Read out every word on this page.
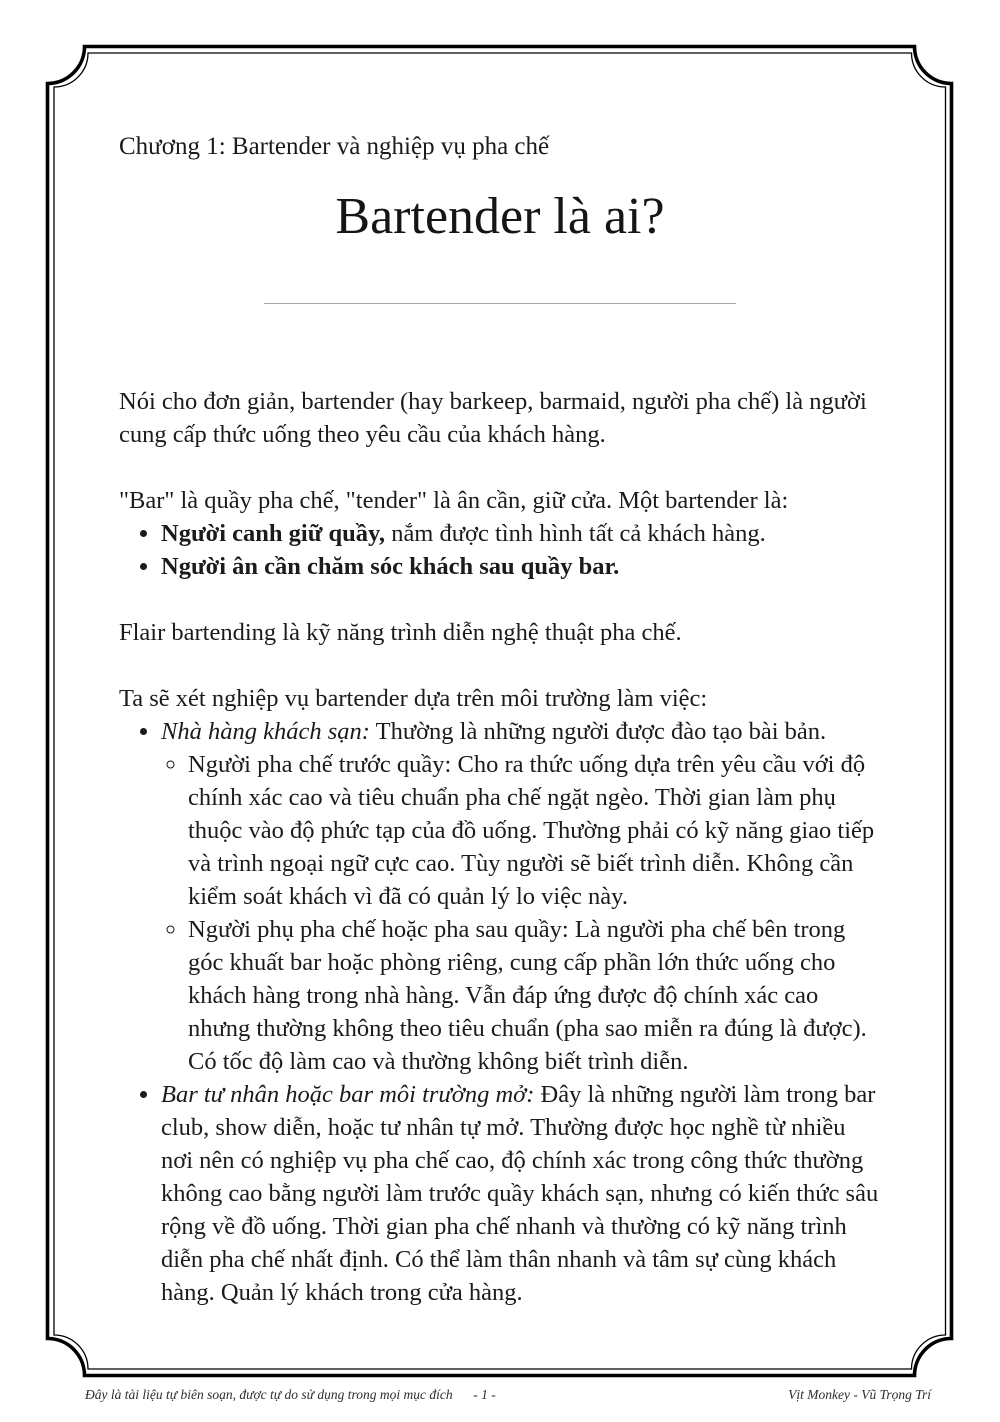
Chương 1: Bartender và nghiệp vụ pha chế
Bartender là ai?

Nói cho đơn giản, bartender (hay barkeep, barmaid, người pha chế) là người cung cấp thức uống theo yêu cầu của khách hàng.

"Bar" là quầy pha chế, "tender" là ân cần, giữ cửa. Một bartender là:

• Người canh giữ quầy, nắm được tình hình tất cả khách hàng.
• Người ân cần chăm sóc khách sau quầy bar.

Flair bartending là kỹ năng trình diễn nghệ thuật pha chế.

Ta sẽ xét nghiệp vụ bartender dựa trên môi trường làm việc:

• Nhà hàng khách sạn: Thường là những người được đào tạo bài bản.
◦ Người pha chế trước quầy: Cho ra thức uống dựa trên yêu cầu với độ chính xác cao và tiêu chuẩn pha chế ngặt ngèo. Thời gian làm phụ thuộc vào độ phức tạp của đồ uống. Thường phải có kỹ năng giao tiếp và trình ngoại ngữ cực cao. Tùy người sẽ biết trình diễn. Không cần kiểm soát khách vì đã có quản lý lo việc này.
◦ Người phụ pha chế hoặc pha sau quầy: Là người pha chế bên trong góc khuất bar hoặc phòng riêng, cung cấp phần lớn thức uống cho khách hàng trong nhà hàng. Vẫn đáp ứng được độ chính xác cao nhưng thường không theo tiêu chuẩn (pha sao miễn ra đúng là được). Có tốc độ làm cao và thường không biết trình diễn.
• Bar tư nhân hoặc bar môi trường mở: Đây là những người làm trong bar club, show diễn, hoặc tư nhân tự mở. Thường được học nghề từ nhiều nơi nên có nghiệp vụ pha chế cao, độ chính xác trong công thức thường không cao bằng người làm trước quầy khách sạn, nhưng có kiến thức sâu rộng về đồ uống. Thời gian pha chế nhanh và thường có kỹ năng trình diễn pha chế nhất định. Có thể làm thân nhanh và tâm sự cùng khách hàng. Quản lý khách trong cửa hàng.
Đây là tài liệu tự biên soạn, được tự do sử dụng trong mọi mục đích	- 1 -	Vịt Monkey - Vũ Trọng Trí
